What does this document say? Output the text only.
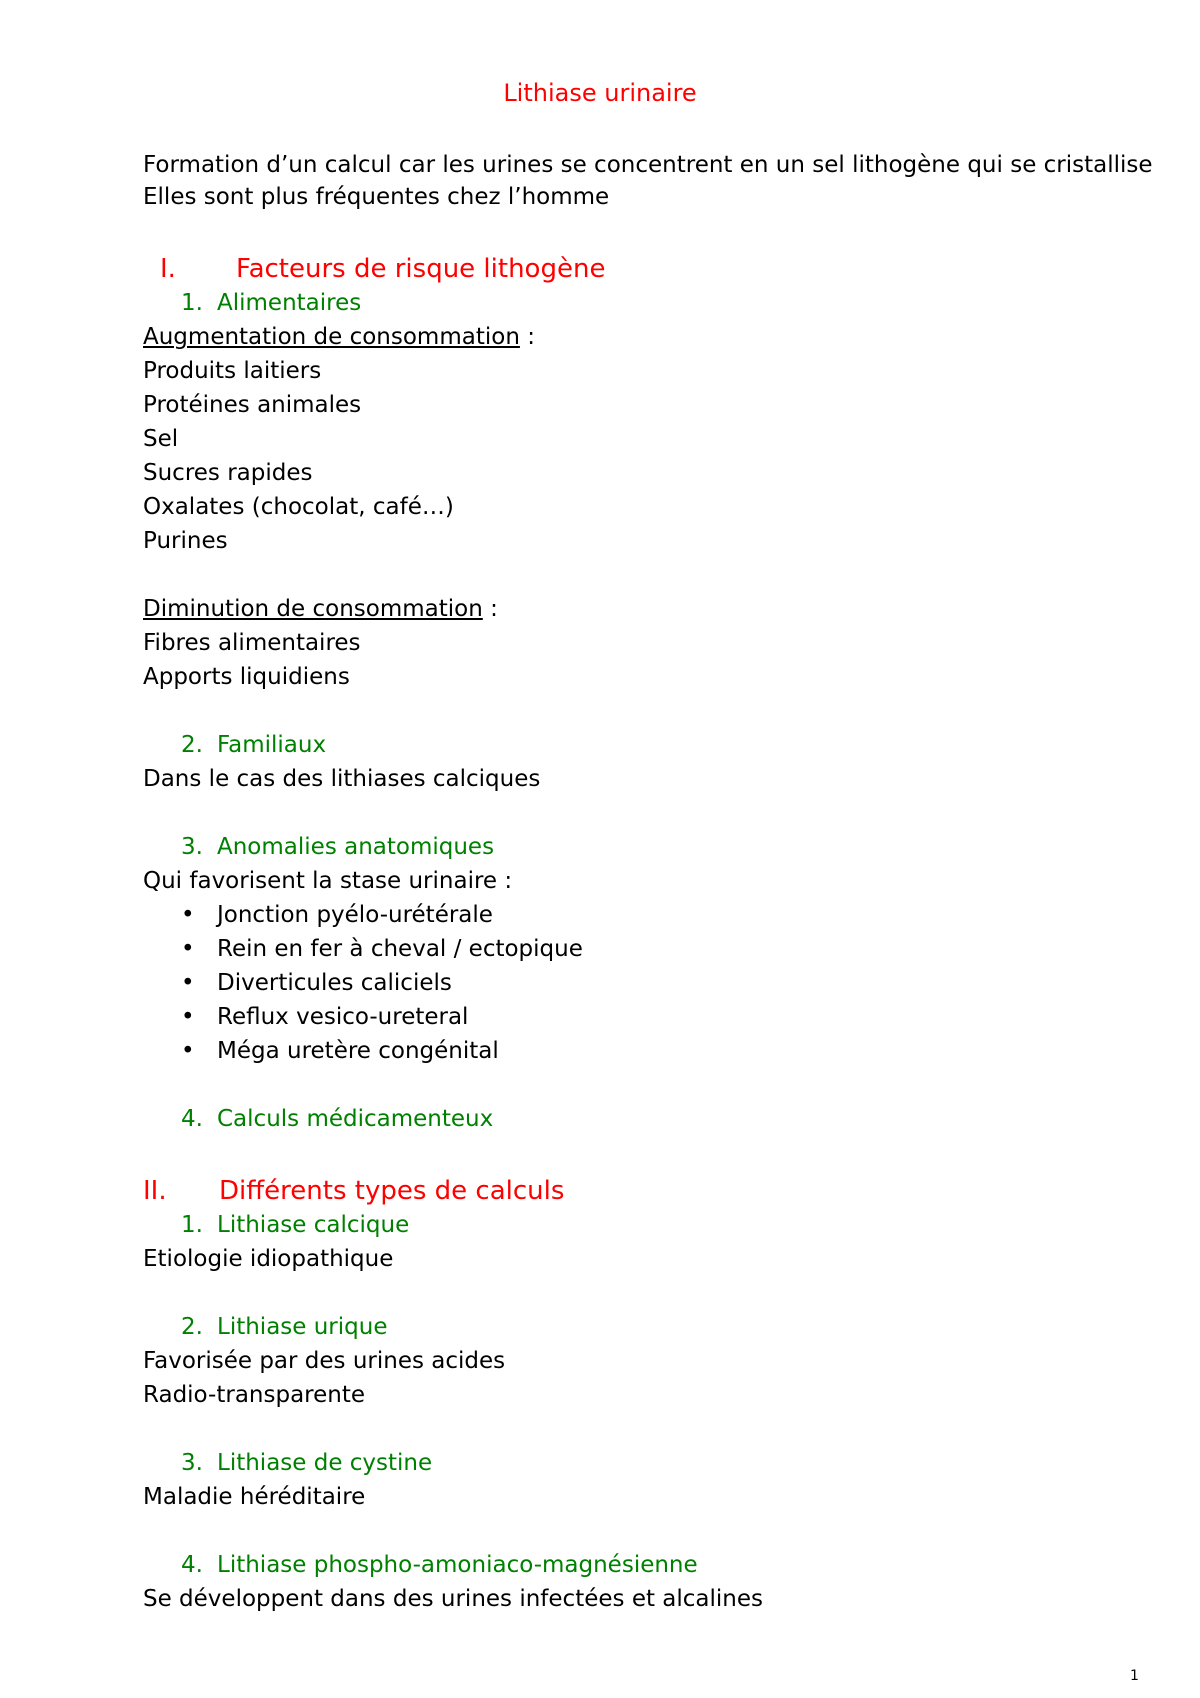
Lithiase urinaire
Formation d’un calcul car les urines se concentrent en un sel lithogène qui se cristallise
Elles sont plus fréquentes chez l’homme
I. Facteurs de risque lithogène
1. Alimentaires
Augmentation de consommation :
Produits laitiers
Protéines animales
Sel
Sucres rapides
Oxalates (chocolat, café…)
Purines
Diminution de consommation :
Fibres alimentaires
Apports liquidiens
2. Familiaux
Dans le cas des lithiases calciques
3. Anomalies anatomiques
Qui favorisent la stase urinaire :
• Jonction pyélo-urétérale
• Rein en fer à cheval / ectopique
• Diverticules caliciels
• Reflux vesico-ureteral
• Méga uretère congénital
4. Calculs médicamenteux
II. Différents types de calculs
1. Lithiase calcique
Etiologie idiopathique
2. Lithiase urique
Favorisée par des urines acides
Radio-transparente
3. Lithiase de cystine
Maladie héréditaire
4. Lithiase phospho-amoniaco-magnésienne
Se développent dans des urines infectées et alcalines
1
